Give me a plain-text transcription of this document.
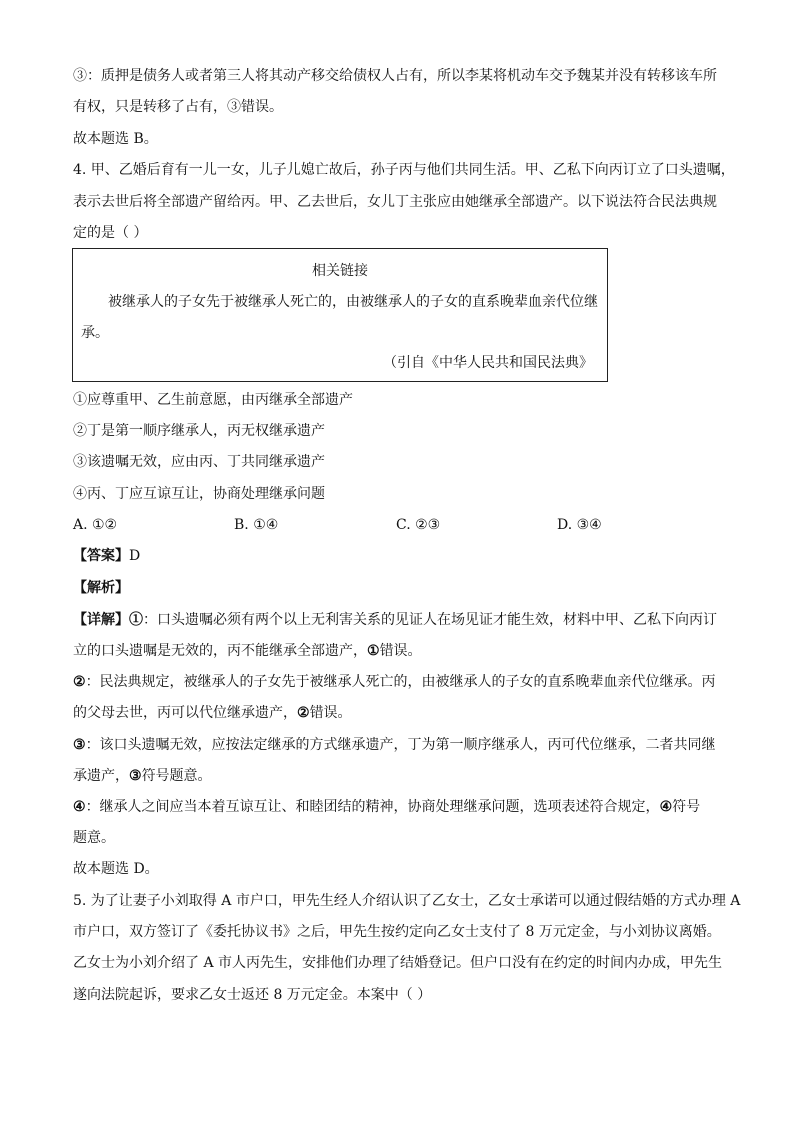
③：质押是债务人或者第三人将其动产移交给债权人占有，所以李某将机动车交予魏某并没有转移该车所
有权，只是转移了占有，③错误。
故本题选 B。
4. 甲、乙婚后育有一儿一女，儿子儿媳亡故后，孙子丙与他们共同生活。甲、乙私下向丙订立了口头遗嘱，
表示去世后将全部遗产留给丙。甲、乙去世后，女儿丁主张应由她继承全部遗产。以下说法符合民法典规
定的是（ ）
相关链接
被继承人的子女先于被继承人死亡的，由被继承人的子女的直系晚辈血亲代位继
承。
（引自《中华人民共和国民法典》
①应尊重甲、乙生前意愿，由丙继承全部遗产
②丁是第一顺序继承人，丙无权继承遗产
③该遗嘱无效，应由丙、丁共同继承遗产
④丙、丁应互谅互让，协商处理继承问题
A. ①②	B. ①④	C. ②③	D. ③④
【答案】D
【解析】
【详解】①：口头遗嘱必须有两个以上无利害关系的见证人在场见证才能生效，材料中甲、乙私下向丙订
立的口头遗嘱是无效的，丙不能继承全部遗产，①错误。
②：民法典规定，被继承人的子女先于被继承人死亡的，由被继承人的子女的直系晚辈血亲代位继承。丙
的父母去世，丙可以代位继承遗产，②错误。
③：该口头遗嘱无效，应按法定继承的方式继承遗产，丁为第一顺序继承人，丙可代位继承，二者共同继
承遗产，③符号题意。
④：继承人之间应当本着互谅互让、和睦团结的精神，协商处理继承问题，选项表述符合规定，④符号
题意。
故本题选 D。
5. 为了让妻子小刘取得 A 市户口，甲先生经人介绍认识了乙女士，乙女士承诺可以通过假结婚的方式办理 A
市户口，双方签订了《委托协议书》之后，甲先生按约定向乙女士支付了 8 万元定金，与小刘协议离婚。
乙女士为小刘介绍了 A 市人丙先生，安排他们办理了结婚登记。但户口没有在约定的时间内办成，甲先生
遂向法院起诉，要求乙女士返还 8 万元定金。本案中（ ）
